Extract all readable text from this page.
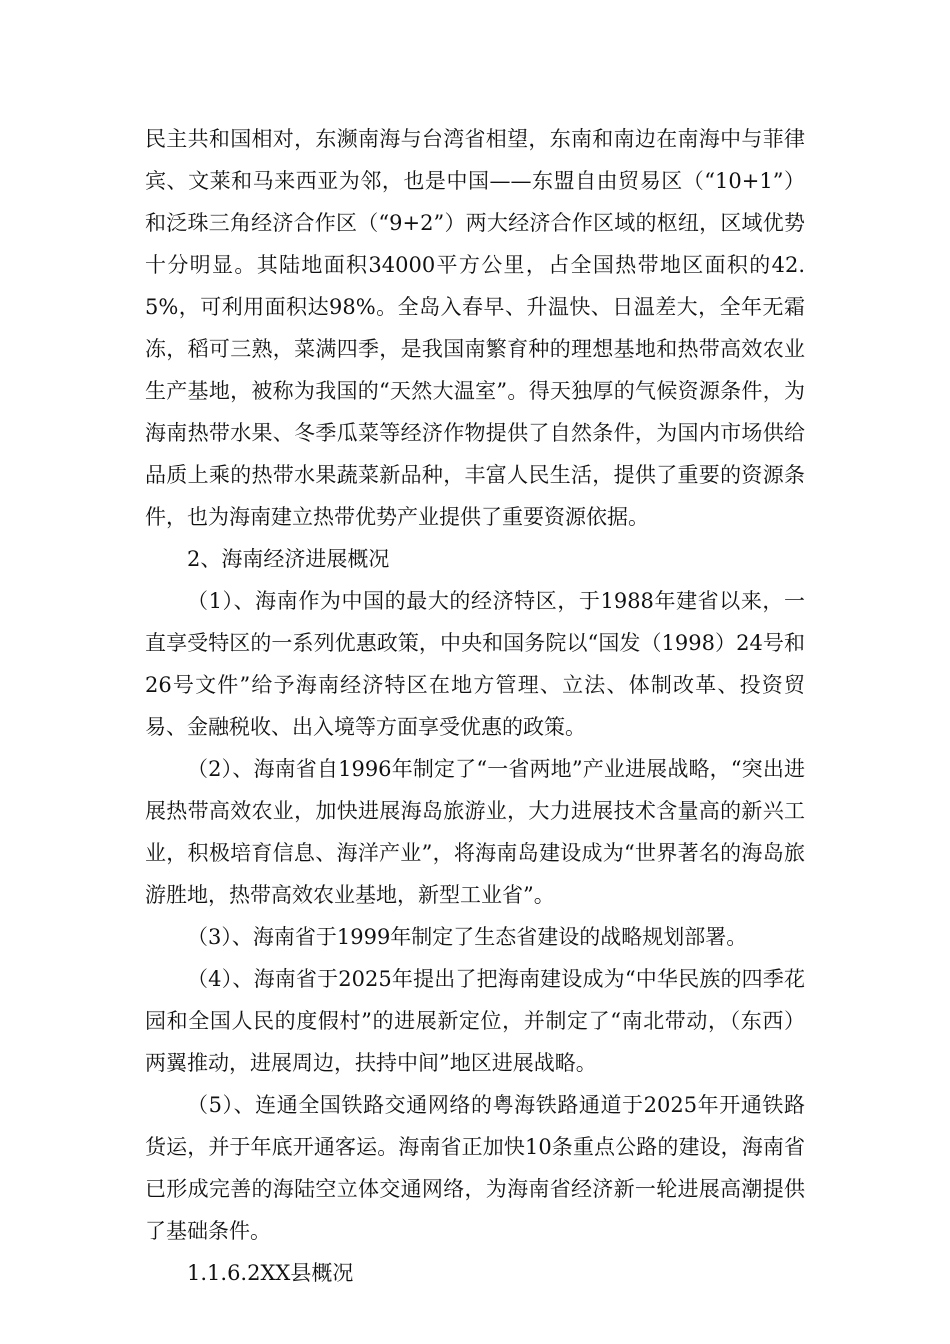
民主共和国相对，东濒南海与台湾省相望，东南和南边在南海中与菲律宾、文莱和马来西亚为邻，也是中国——东盟自由贸易区（“10+1”）和泛珠三角经济合作区（“9+2”）两大经济合作区域的枢纽，区域优势十分明显。其陆地面积34000平方公里，占全国热带地区面积的42.5%，可利用面积达98%。全岛入春早、升温快、日温差大，全年无霜冻，稻可三熟，菜满四季，是我国南繁育种的理想基地和热带高效农业生产基地，被称为我国的“天然大温室”。得天独厚的气候资源条件，为海南热带水果、冬季瓜菜等经济作物提供了自然条件，为国内市场供给品质上乘的热带水果蔬菜新品种，丰富人民生活，提供了重要的资源条件，也为海南建立热带优势产业提供了重要资源依据。

2、海南经济进展概况

（1）、海南作为中国的最大的经济特区，于1988年建省以来，一直享受特区的一系列优惠政策，中央和国务院以“国发（1998）24号和26号文件”给予海南经济特区在地方管理、立法、体制改革、投资贸易、金融税收、出入境等方面享受优惠的政策。

（2）、海南省自1996年制定了“一省两地”产业进展战略，“突出进展热带高效农业，加快进展海岛旅游业，大力进展技术含量高的新兴工业，积极培育信息、海洋产业”，将海南岛建设成为“世界著名的海岛旅游胜地，热带高效农业基地，新型工业省”。

（3）、海南省于1999年制定了生态省建设的战略规划部署。

（4）、海南省于2025年提出了把海南建设成为“中华民族的四季花园和全国人民的度假村”的进展新定位，并制定了“南北带动，（东西）两翼推动，进展周边，扶持中间”地区进展战略。

（5）、连通全国铁路交通网络的粤海铁路通道于2025年开通铁路货运，并于年底开通客运。海南省正加快10条重点公路的建设，海南省已形成完善的海陆空立体交通网络，为海南省经济新一轮进展高潮提供了基础条件。

1.1.6.2XX县概况
